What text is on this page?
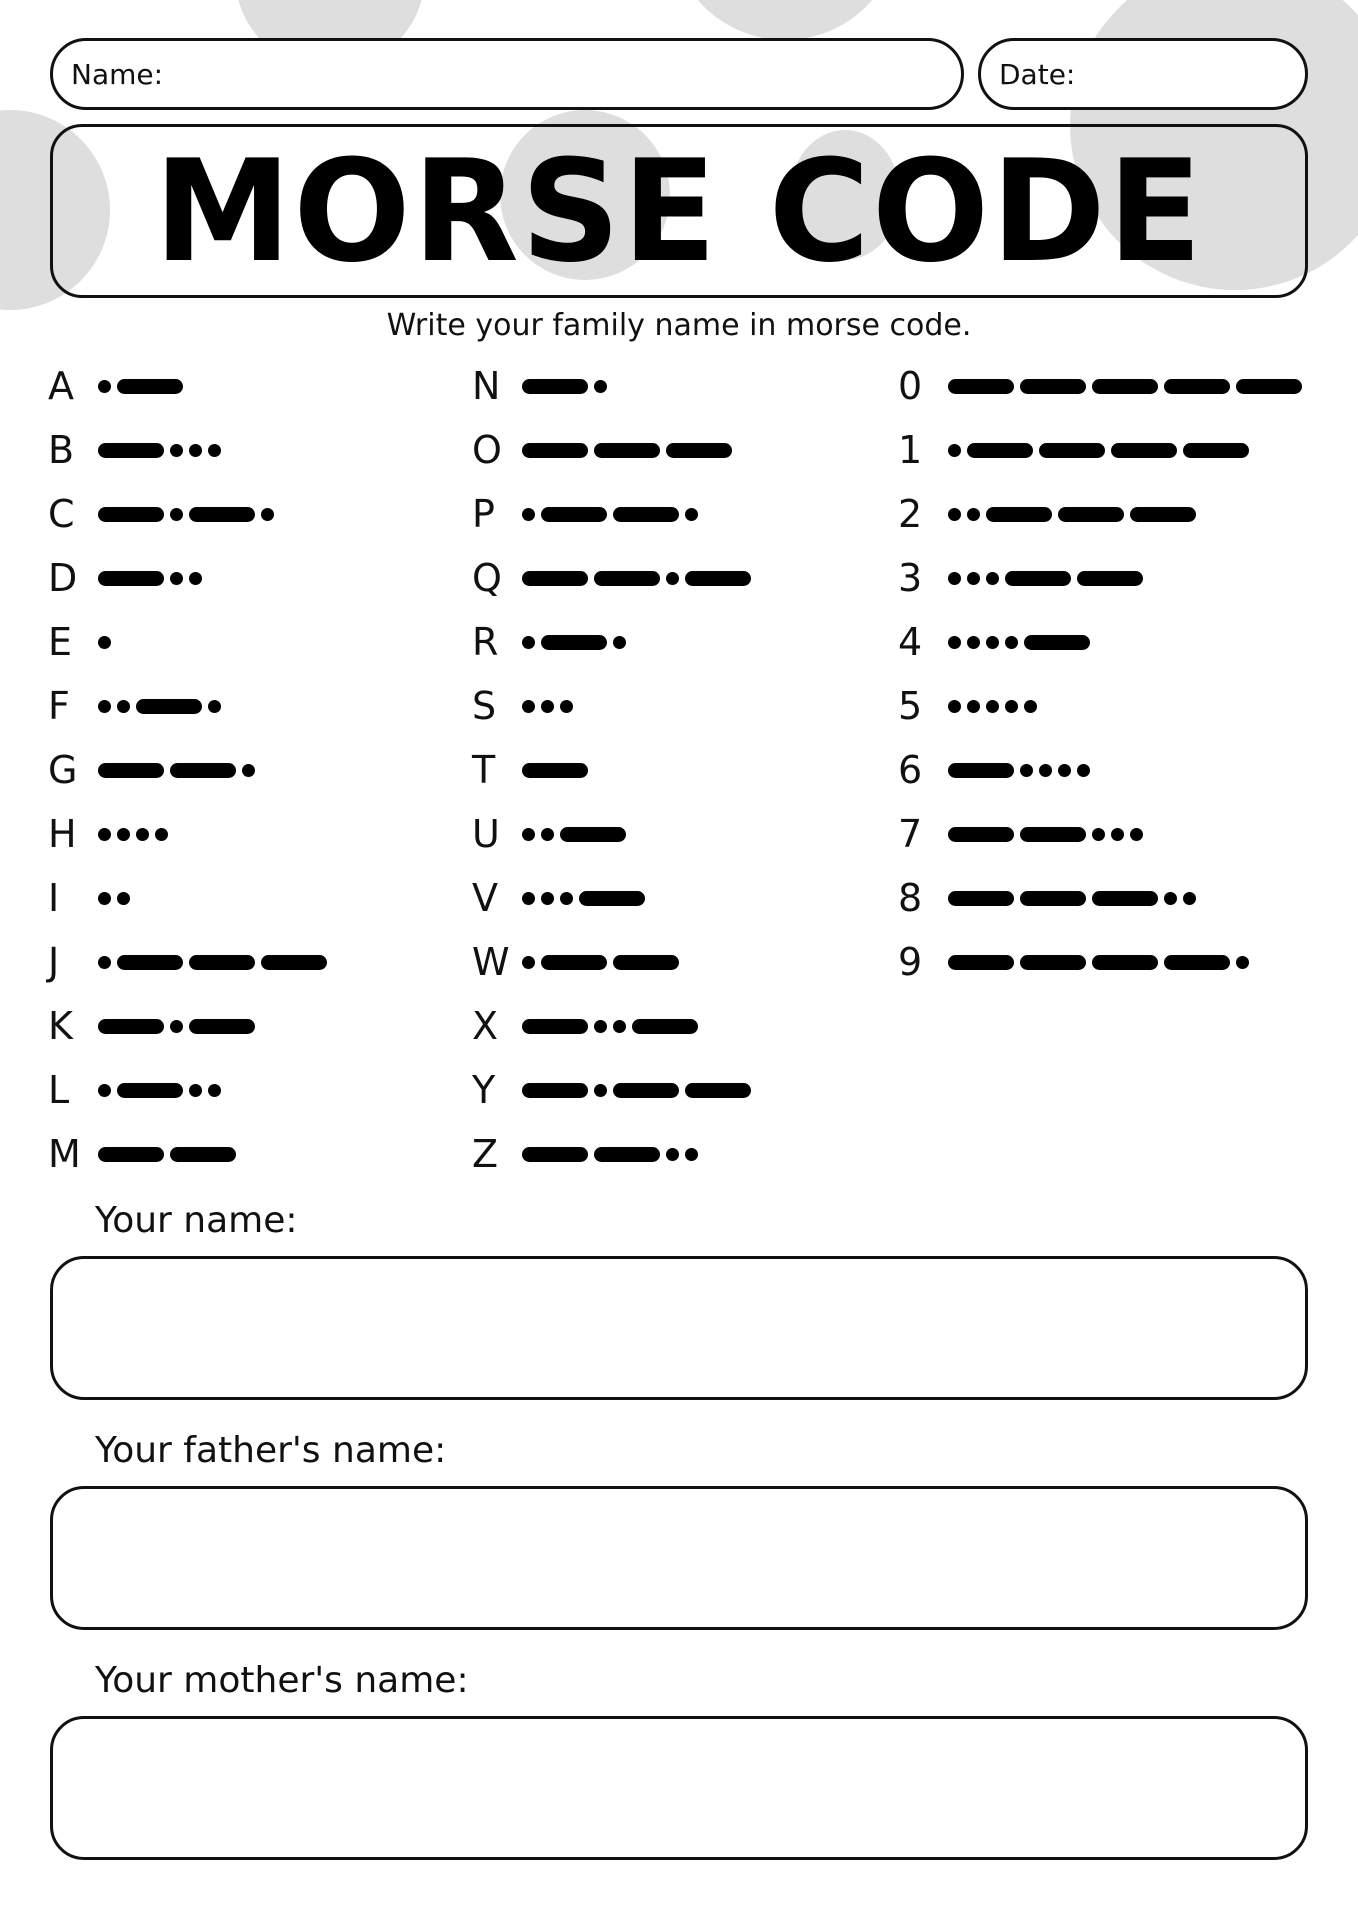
Name:	Date:
MORSE CODE
Write your family name in morse code.
A
B
C
D
E
F
G
H
I
J
K
L
M
N
O
P
Q
R
S
T
U
V
W
X
Y
Z
0
1
2
3
4
5
6
7
8
9
Your name:
Your father's name:
Your mother's name:
